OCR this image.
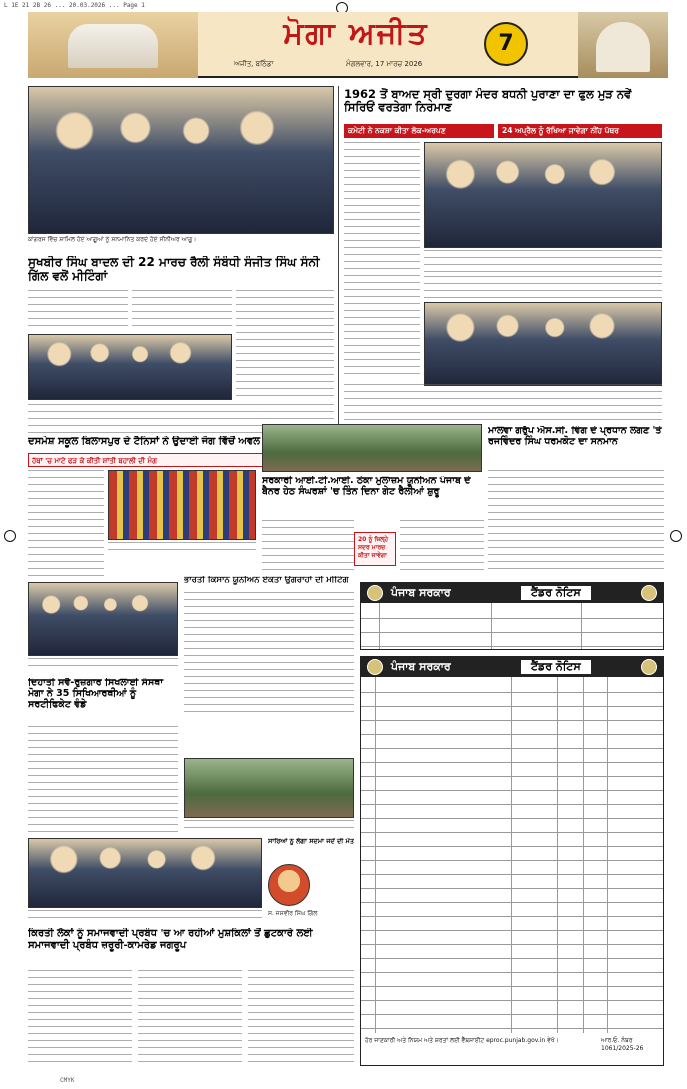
L 1E 21 2B 26 ... 20.03.2026 ... Page 1
ਮੋਗਾ ਅਜੀਤ	7
ਅਜੀਤ, ਬਠਿੰਡਾ	ਮੰਗਲਵਾਰ, 17 ਮਾਰਚ 2026
ਕਾਂਗਰਸ ਵਿੱਚ ਸ਼ਾਮਿਲ ਹੋਏ ਆਗੂਆਂ ਨੂੰ ਸਨਮਾਨਿਤ ਕਰਦੇ ਹੋਏ ਸੀਨੀਅਰ ਆਗੂ।
ਸੁਖਬੀਰ ਸਿੰਘ ਬਾਦਲ ਦੀ 22 ਮਾਰਚ ਰੈਲੀ ਸੰਬੰਧੀ ਸੰਜੀਤ ਸਿੰਘ ਸੰਨੀ ਗਿੱਲ ਵਲੋਂ ਮੀਟਿੰਗਾਂ
1962 ਤੋਂ ਬਾਅਦ ਸ੍ਰੀ ਦੁਰਗਾ ਮੰਦਰ ਬਧਨੀ ਪੁਰਾਣਾ ਦਾ ਫੁਲ ਮੁੜ ਨਵੇਂ ਸਿਰਿਓਂ ਵਰਤੇਗਾ ਨਿਰਮਾਣ
ਕਮੇਟੀ ਨੇ ਨਕਸ਼ਾ ਕੀਤਾ ਲੋਕ-ਅਰਪਣ	24 ਅਪ੍ਰੈਲ ਨੂੰ ਰੱਖਿਆ ਜਾਵੇਗਾ ਨੀਂਹ ਪੱਥਰ
ਦਸਮੇਸ਼ ਸਕੂਲ ਬਿਲਾਸਪੁਰ ਦੇ ਟੈਨਿਸਾਂ ਨੇ ਉਦਾਈ ਜੋਗ ਵਿੱਚੋਂ ਅਵਲ
ਹੱਥਾਂ 'ਚ ਮਾਟੇ ਫੜ ਕੇ ਕੀਤੀ ਸ਼ਾਂਤੀ ਬਹਾਲੀ ਦੀ ਮੰਗ
ਮਾਲਵਾ ਗਰੁੱਪ ਐਸ.ਸੀ. ਵਿੰਗ ਦੇ ਪ੍ਰਧਾਨ ਲਗਣ 'ਤੇ ਰਜਵਿੰਦਰ ਸਿੰਘ ਧਰਮਕੋਟ ਦਾ ਸਨਮਾਨ
ਸਰਕਾਰੀ ਆਈ.ਟੀ.ਆਈ. ਠੇਕਾ ਮੁਲਾਜ਼ਮ ਯੂਨੀਅਨ ਪੰਜਾਬ ਦੇ ਬੈਨਰ ਹੇਠ ਸੰਘਰਸ਼ਾਂ 'ਚ ਤਿੰਨ ਦਿਨਾ ਗੇਟ ਰੈਲੀਆਂ ਸ਼ੁਰੂ
20 ਨੂੰ ਜ਼ਿਲ੍ਹੇ ਸਦਰ ਮਾਰਚ ਕੀਤਾ ਜਾਵੇਗਾ
ਭਾਰਤੀ ਕਿਸਾਨ ਯੂਨੀਅਨ ਏਕਤਾ ਉਗਰਾਹਾਂ ਦੀ ਮੀਟਿੰਗ
ਦਿਹਾਤੀ ਸਵੈ-ਰੁਜ਼ਗਾਰ ਸਿਖਲਾਈ ਸੰਸਥਾ ਮੋਗਾ ਨੇ 35 ਸਿਖਿਆਰਥੀਆਂ ਨੂੰ ਸਰਟੀਫਿਕੇਟ ਵੰਡੇ
ਸਾਰਿਆਂ ਨੂੰ ਲੱਗਾ ਸਦਮਾ ਜਦੋਂ ਦੀ ਮੌਤ
ਸ. ਜਸਵੀਰ ਸਿੰਘ ਗਿੱਲ
ਕਿਰਤੀ ਲੋਕਾਂ ਨੂੰ ਸਮਾਜਵਾਦੀ ਪ੍ਰਬੰਧ 'ਚ ਆ ਰਹੀਆਂ ਮੁਸ਼ਕਿਲਾਂ ਤੋਂ ਛੁਟਕਾਰੇ ਲਈ ਸਮਾਜਵਾਦੀ ਪ੍ਰਬੰਧ ਜ਼ਰੂਰੀ-ਕਾਮਰੇਡ ਜਗਰੂਪ
ਪੰਜਾਬ ਸਰਕਾਰ	ਟੈਂਡਰ ਨੋਟਿਸ
ਪੰਜਾਬ ਸਰਕਾਰ	ਟੈਂਡਰ ਨੋਟਿਸ
ਹੋਰ ਜਾਣਕਾਰੀ ਅਤੇ ਨਿਯਮ ਅਤੇ ਸ਼ਰਤਾਂ ਲਈ ਵੈੱਬਸਾਈਟ eproc.punjab.gov.in ਵੇਖੋ।	ਆਰ.ਓ. ਨੰਬਰ 1061/2025-26
CMYK
